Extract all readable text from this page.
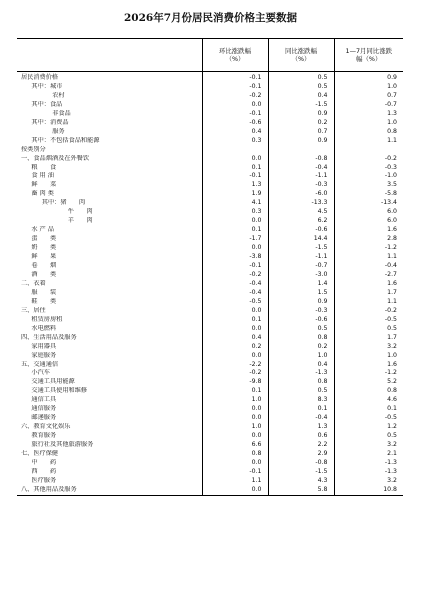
2026年7月份居民消费价格主要数据
	环比涨跌幅（%）	同比涨跌幅（%）	1—7月同比涨跌幅（%）
居民消费价格	-0.1	0.5	0.9
其中：城市	-0.1	0.5	1.0
农村	-0.2	0.4	0.7
其中：食品	0.0	-1.5	-0.7
非食品	-0.1	0.9	1.3
其中：消费品	-0.6	0.2	1.0
服务	0.4	0.7	0.8
其中：不包括食品和能源	0.3	0.9	1.1
按类别分			
一、食品烟酒及在外餐饮	0.0	-0.8	-0.2
粮　　食	0.1	-0.4	-0.3
食 用 油	-0.1	-1.1	-1.0
鲜　　菜	1.3	-0.3	3.5
畜 肉 类	1.9	-6.0	-5.8
其中：猪　　肉	4.1	-13.3	-13.4
牛　　肉	0.3	4.5	6.0
羊　　肉	0.0	6.2	6.0
水 产 品	0.1	-0.6	1.6
蛋　　类	-1.7	14.4	2.8
奶　　类	0.0	-1.5	-1.2
鲜　　果	-3.8	-1.1	1.1
卷　　烟	-0.1	-0.7	-0.4
酒　　类	-0.2	-3.0	-2.7
二、衣着	-0.4	1.4	1.6
服　　装	-0.4	1.5	1.7
鞋　　类	-0.5	0.9	1.1
三、居住	0.0	-0.3	-0.2
租赁房房租	0.1	-0.6	-0.5
水电燃料	0.0	0.5	0.5
四、生活用品及服务	0.4	0.8	1.7
家用器具	0.2	0.2	3.2
家庭服务	0.0	1.0	1.0
五、交通通信	-2.2	0.4	1.6
小汽车	-0.2	-1.3	-1.2
交通工具用能源	-9.8	0.8	5.2
交通工具使用和维修	0.1	0.5	0.8
通信工具	1.0	8.3	4.6
通信服务	0.0	0.1	0.1
邮递服务	0.0	-0.4	-0.5
六、教育文化娱乐	1.0	1.3	1.2
教育服务	0.0	0.6	0.5
旅行社及其他旅游服务	6.6	2.2	3.2
七、医疗保健	0.8	2.9	2.1
中　　药	0.0	-0.8	-1.3
西　　药	-0.1	-1.5	-1.3
医疗服务	1.1	4.3	3.2
八、其他用品及服务	0.0	5.8	10.8
